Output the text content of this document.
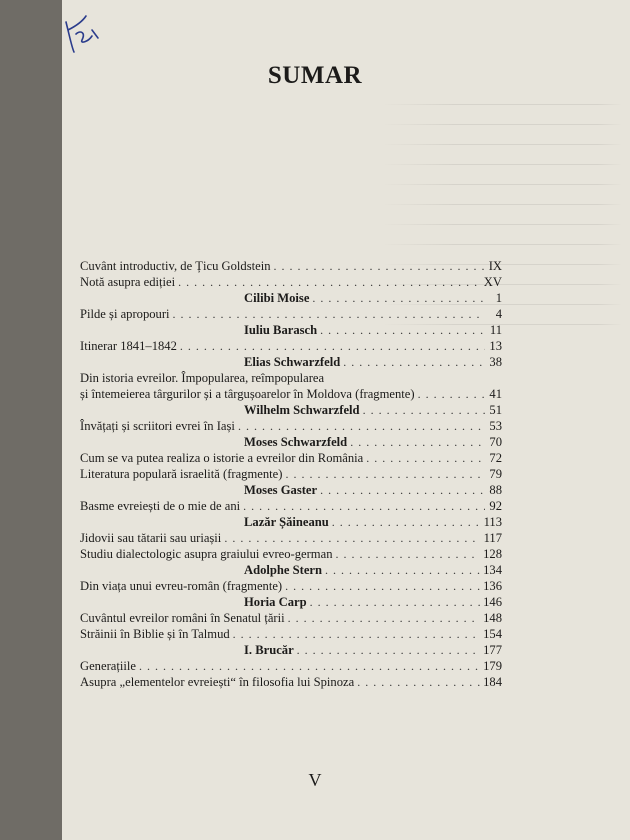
SUMAR
Cuvânt introductiv, de Țicu Goldstein . . .	IX
Notă asupra ediției . . .	XV
Cilibi Moise . . .	1
Pilde și apropouri . . .	4
Iuliu Barasch . . .	11
Itinerar 1841–1842 . . .	13
Elias Schwarzfeld . . .	38
Din istoria evreilor. Împopularea, reîmpopularea
și întemeierea târgurilor și a târgușoarelor în Moldova (fragmente) . . .	41
Wilhelm Schwarzfeld . . .	51
Învățați și scriitori evrei în Iași . . .	53
Moses Schwarzfeld . . .	70
Cum se va putea realiza o istorie a evreilor din România . . .	72
Literatura populară israelită (fragmente) . . .	79
Moses Gaster . . .	88
Basme evreiești de o mie de ani . . .	92
Lazăr Șăineanu . . .	113
Jidovii sau tătarii sau uriașii . . .	117
Studiu dialectologic asupra graiului evreo-german . . .	128
Adolphe Stern . . .	134
Din viața unui evreu-român (fragmente) . . .	136
Horia Carp . . .	146
Cuvântul evreilor români în Senatul țării . . .	148
Străinii în Biblie și în Talmud . . .	154
I. Brucăr . . .	177
Generațiile . . .	179
Asupra „elementelor evreiești“ în filosofia lui Spinoza . . .	184
V
